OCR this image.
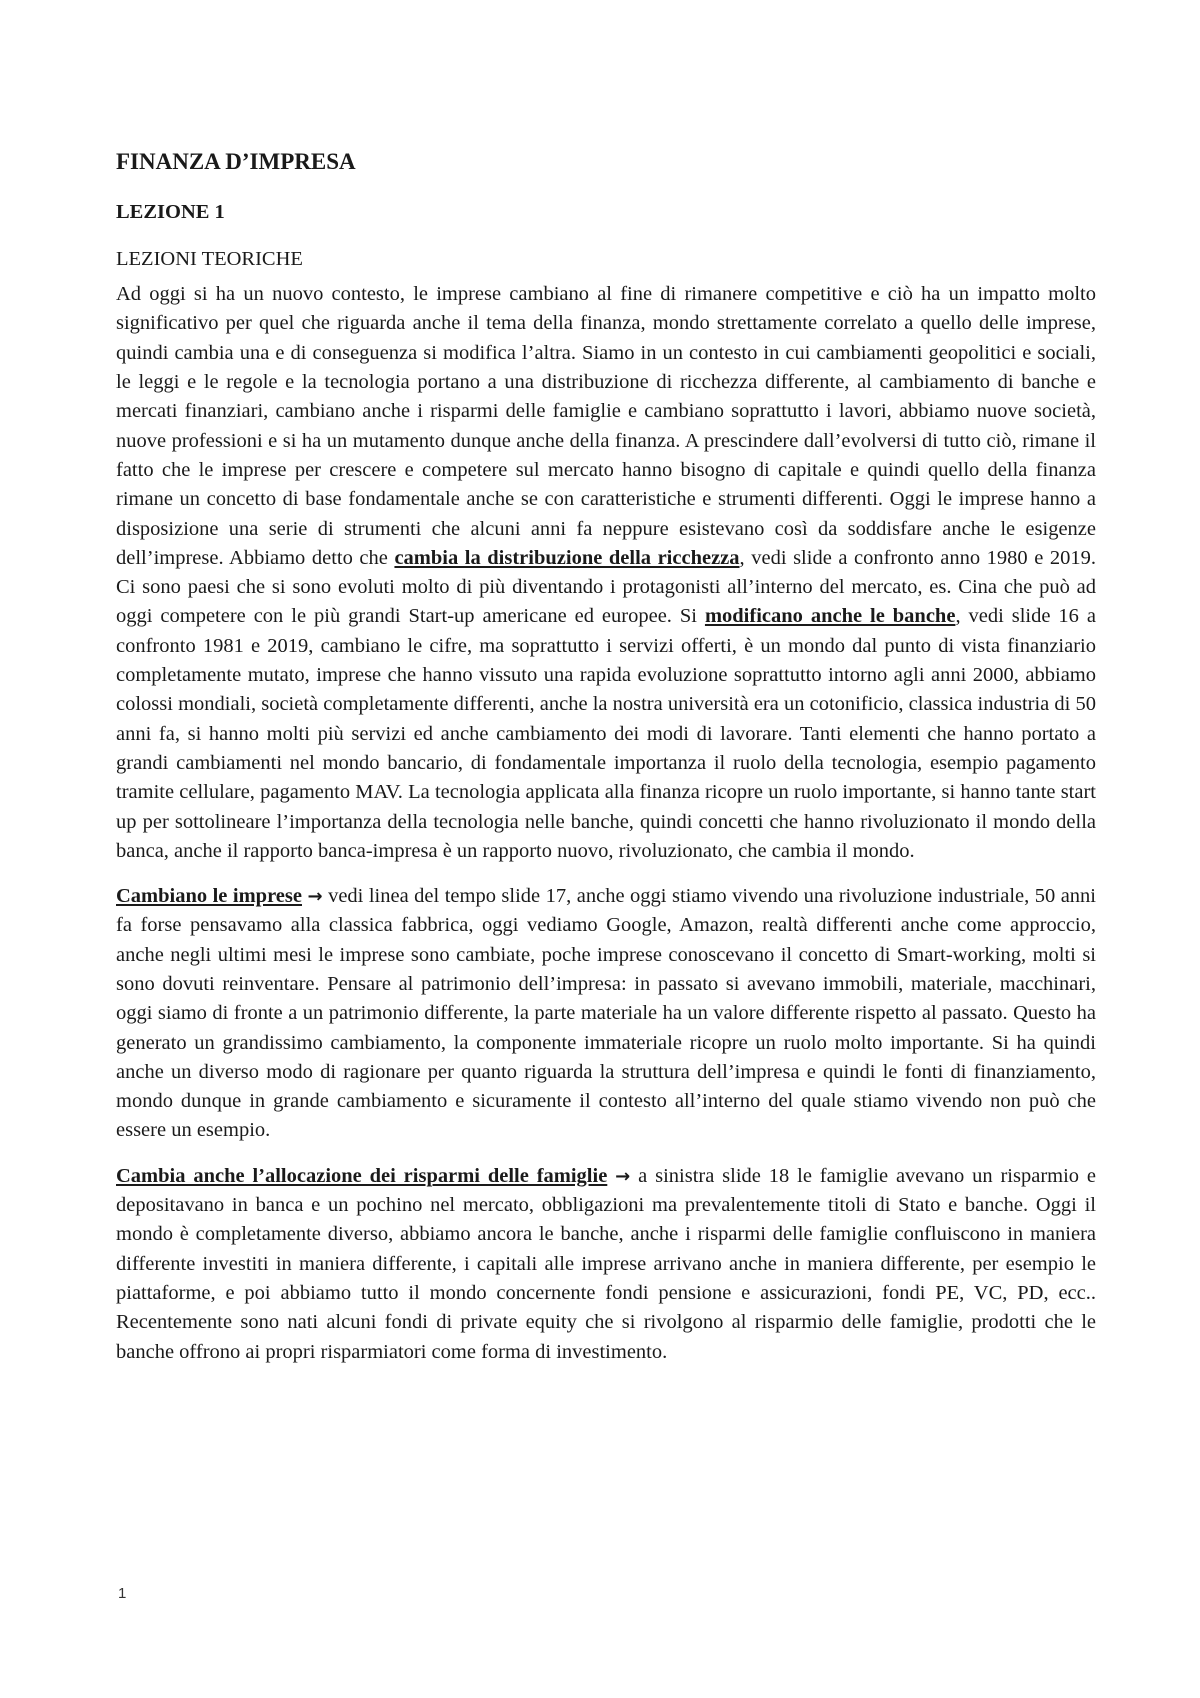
FINANZA D’IMPRESA
LEZIONE 1
LEZIONI TEORICHE

Ad oggi si ha un nuovo contesto, le imprese cambiano al fine di rimanere competitive e ciò ha un impatto molto significativo per quel che riguarda anche il tema della finanza, mondo strettamente correlato a quello delle imprese, quindi cambia una e di conseguenza si modifica l’altra. Siamo in un contesto in cui cambiamenti geopolitici e sociali, le leggi e le regole e la tecnologia portano a una distribuzione di ricchezza differente, al cambiamento di banche e mercati finanziari, cambiano anche i risparmi delle famiglie e cambiano soprattutto i lavori, abbiamo nuove società, nuove professioni e si ha un mutamento dunque anche della finanza. A prescindere dall’evolversi di tutto ciò, rimane il fatto che le imprese per crescere e competere sul mercato hanno bisogno di capitale e quindi quello della finanza rimane un concetto di base fondamentale anche se con caratteristiche e strumenti differenti. Oggi le imprese hanno a disposizione una serie di strumenti che alcuni anni fa neppure esistevano così da soddisfare anche le esigenze dell’imprese. Abbiamo detto che cambia la distribuzione della ricchezza, vedi slide a confronto anno 1980 e 2019. Ci sono paesi che si sono evoluti molto di più diventando i protagonisti all’interno del mercato, es. Cina che può ad oggi competere con le più grandi Start-up americane ed europee. Si modificano anche le banche, vedi slide 16 a confronto 1981 e 2019, cambiano le cifre, ma soprattutto i servizi offerti, è un mondo dal punto di vista finanziario completamente mutato, imprese che hanno vissuto una rapida evoluzione soprattutto intorno agli anni 2000, abbiamo colossi mondiali, società completamente differenti, anche la nostra università era un cotonificio, classica industria di 50 anni fa, si hanno molti più servizi ed anche cambiamento dei modi di lavorare. Tanti elementi che hanno portato a grandi cambiamenti nel mondo bancario, di fondamentale importanza il ruolo della tecnologia, esempio pagamento tramite cellulare, pagamento MAV. La tecnologia applicata alla finanza ricopre un ruolo importante, si hanno tante start up per sottolineare l’importanza della tecnologia nelle banche, quindi concetti che hanno rivoluzionato il mondo della banca, anche il rapporto banca-impresa è un rapporto nuovo, rivoluzionato, che cambia il mondo.

Cambiano le imprese → vedi linea del tempo slide 17, anche oggi stiamo vivendo una rivoluzione industriale, 50 anni fa forse pensavamo alla classica fabbrica, oggi vediamo Google, Amazon, realtà differenti anche come approccio, anche negli ultimi mesi le imprese sono cambiate, poche imprese conoscevano il concetto di Smart-working, molti si sono dovuti reinventare. Pensare al patrimonio dell’impresa: in passato si avevano immobili, materiale, macchinari, oggi siamo di fronte a un patrimonio differente, la parte materiale ha un valore differente rispetto al passato. Questo ha generato un grandissimo cambiamento, la componente immateriale ricopre un ruolo molto importante. Si ha quindi anche un diverso modo di ragionare per quanto riguarda la struttura dell’impresa e quindi le fonti di finanziamento, mondo dunque in grande cambiamento e sicuramente il contesto all’interno del quale stiamo vivendo non può che essere un esempio.

Cambia anche l’allocazione dei risparmi delle famiglie → a sinistra slide 18 le famiglie avevano un risparmio e depositavano in banca e un pochino nel mercato, obbligazioni ma prevalentemente titoli di Stato e banche. Oggi il mondo è completamente diverso, abbiamo ancora le banche, anche i risparmi delle famiglie confluiscono in maniera differente investiti in maniera differente, i capitali alle imprese arrivano anche in maniera differente, per esempio le piattaforme, e poi abbiamo tutto il mondo concernente fondi pensione e assicurazioni, fondi PE, VC, PD, ecc.. Recentemente sono nati alcuni fondi di private equity che si rivolgono al risparmio delle famiglie, prodotti che le banche offrono ai propri risparmiatori come forma di investimento.

1
